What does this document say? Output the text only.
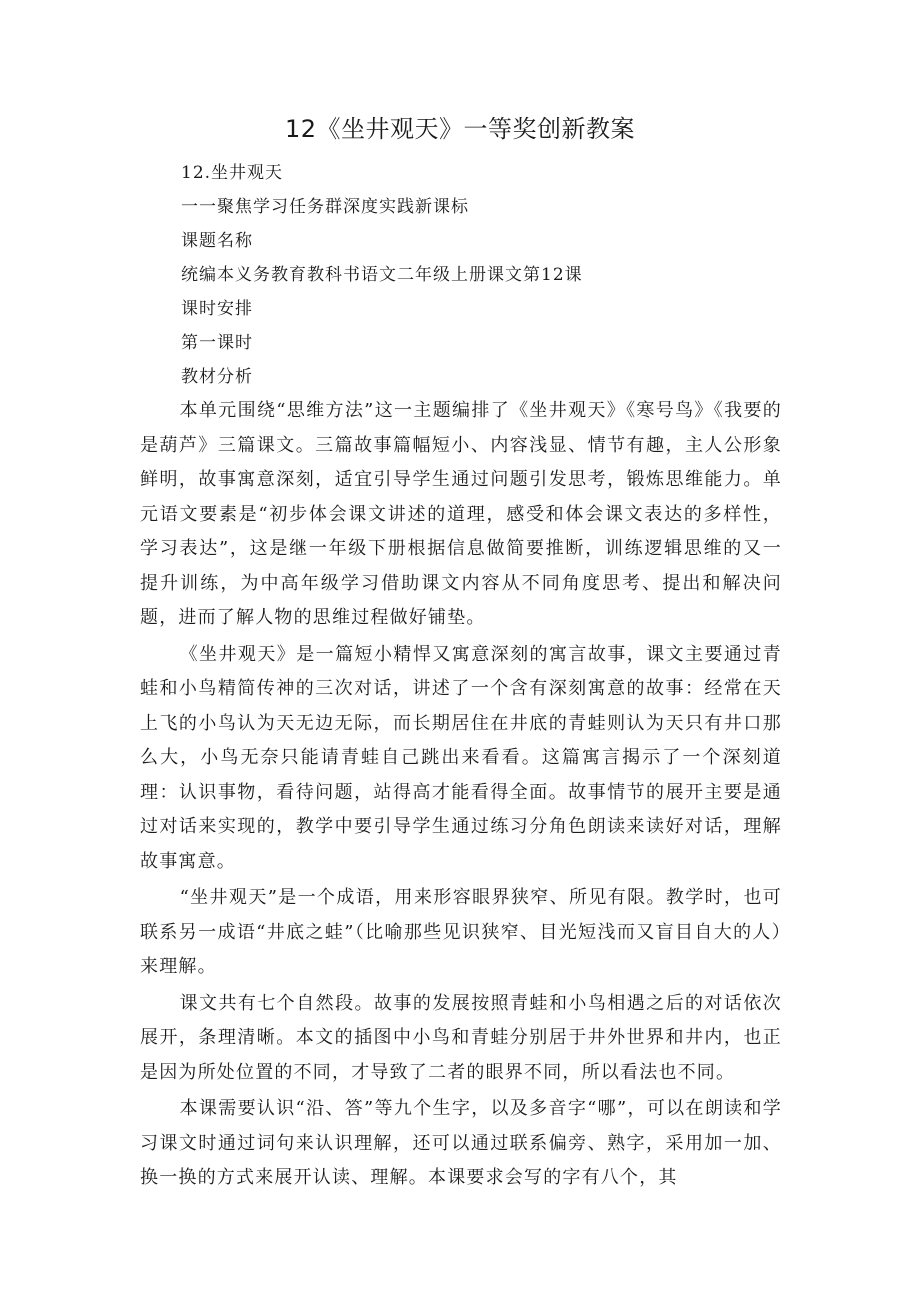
12《坐井观天》一等奖创新教案
12.坐井观天
一一聚焦学习任务群深度实践新课标
课题名称
统编本义务教育教科书语文二年级上册课文第12课
课时安排
第一课时
教材分析

本单元围绕“思维方法”这一主题编排了《坐井观天》《寒号鸟》《我要的是葫芦》三篇课文。三篇故事篇幅短小、内容浅显、情节有趣，主人公形象鲜明，故事寓意深刻，适宜引导学生通过问题引发思考，锻炼思维能力。单元语文要素是“初步体会课文讲述的道理，感受和体会课文表达的多样性，学习表达”，这是继一年级下册根据信息做简要推断，训练逻辑思维的又一提升训练，为中高年级学习借助课文内容从不同角度思考、提出和解决问题，进而了解人物的思维过程做好铺垫。

《坐井观天》是一篇短小精悍又寓意深刻的寓言故事，课文主要通过青蛙和小鸟精简传神的三次对话，讲述了一个含有深刻寓意的故事：经常在天上飞的小鸟认为天无边无际，而长期居住在井底的青蛙则认为天只有井口那么大，小鸟无奈只能请青蛙自己跳出来看看。这篇寓言揭示了一个深刻道理：认识事物，看待问题，站得高才能看得全面。故事情节的展开主要是通过对话来实现的，教学中要引导学生通过练习分角色朗读来读好对话，理解故事寓意。

“坐井观天”是一个成语，用来形容眼界狭窄、所见有限。教学时，也可联系另一成语“井底之蛙”（比喻那些见识狭窄、目光短浅而又盲目自大的人）来理解。

课文共有七个自然段。故事的发展按照青蛙和小鸟相遇之后的对话依次展开，条理清晰。本文的插图中小鸟和青蛙分别居于井外世界和井内，也正是因为所处位置的不同，才导致了二者的眼界不同，所以看法也不同。

本课需要认识“沿、答”等九个生字，以及多音字“哪”，可以在朗读和学习课文时通过词句来认识理解，还可以通过联系偏旁、熟字，采用加一加、换一换的方式来展开认读、理解。本课要求会写的字有八个，其
